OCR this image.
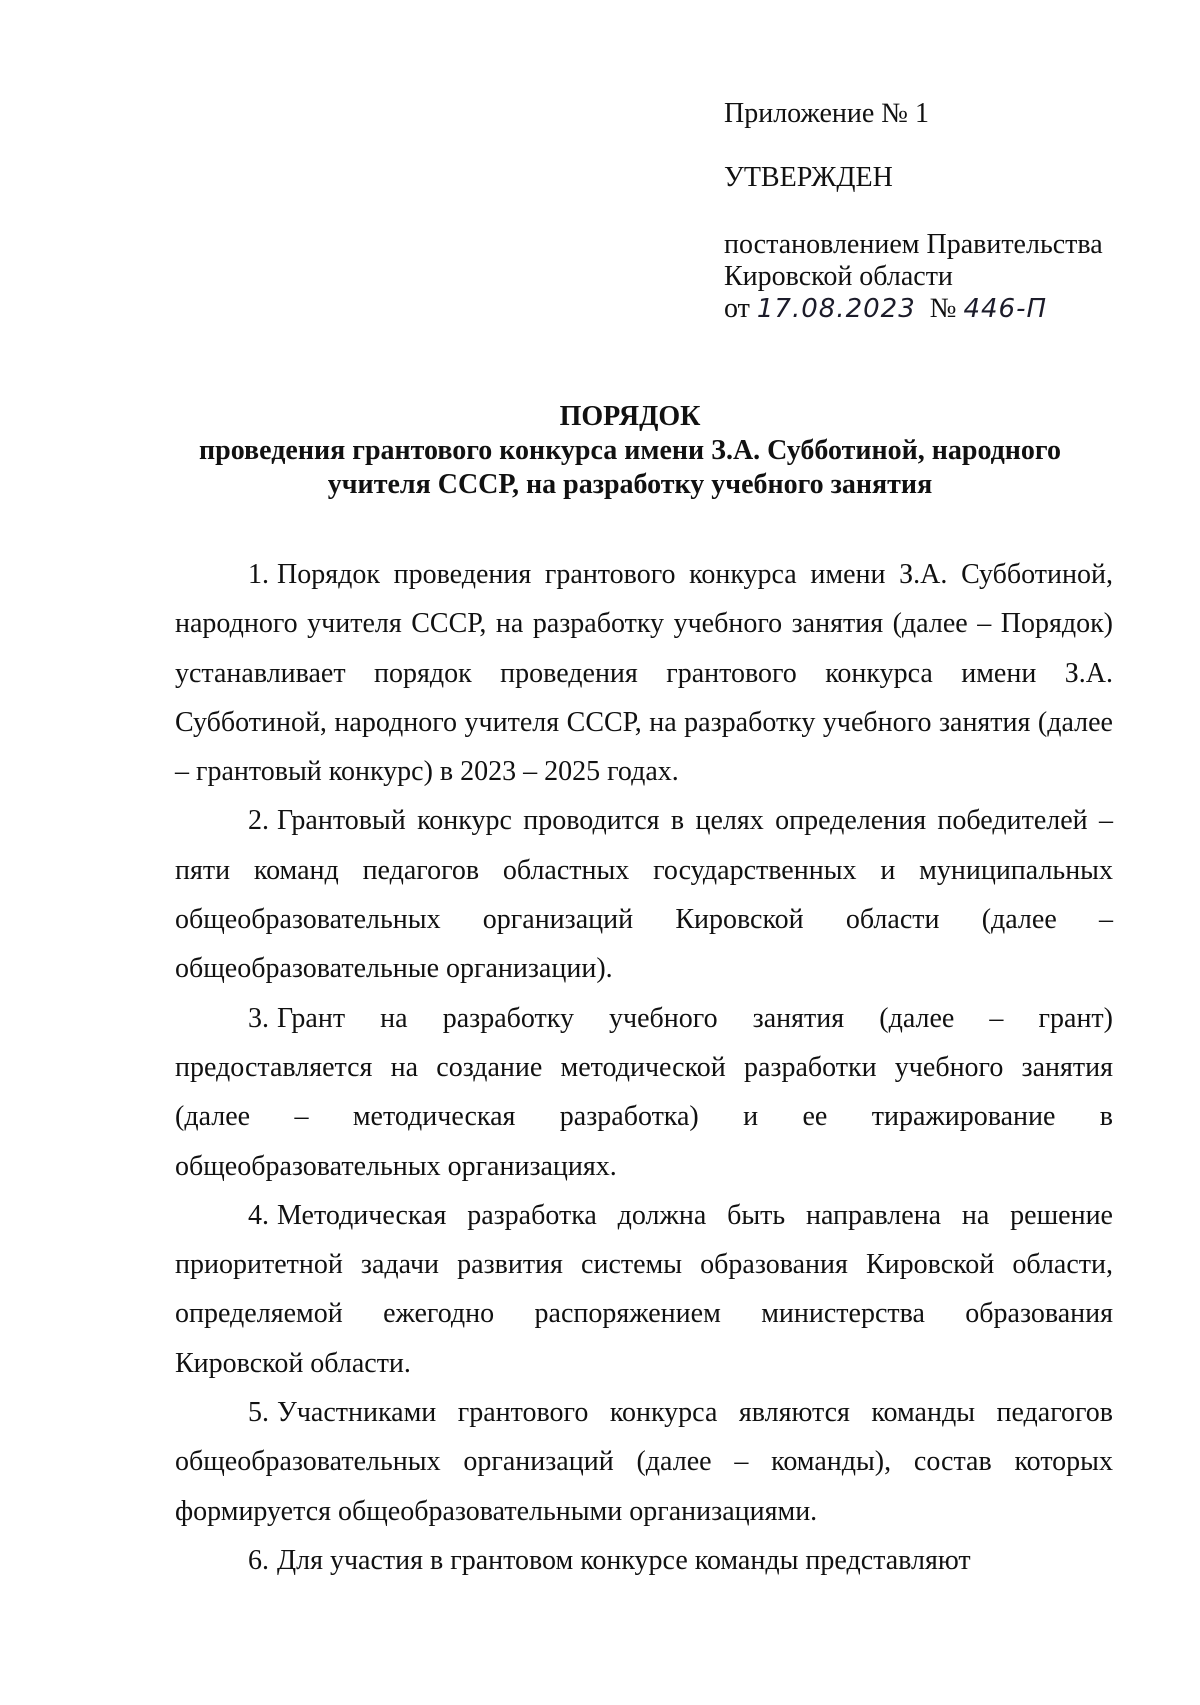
Приложение № 1
УТВЕРЖДЕН
постановлением Правительства
Кировской области
от 17.08.2023 № 446-П
ПОРЯДОК
проведения грантового конкурса имени З.А. Субботиной, народного
учителя СССР, на разработку учебного занятия

1. Порядок проведения грантового конкурса имени З.А. Субботиной, народного учителя СССР, на разработку учебного занятия (далее – Порядок) устанавливает порядок проведения грантового конкурса имени З.А. Субботиной, народного учителя СССР, на разработку учебного занятия (далее – грантовый конкурс) в 2023 – 2025 годах.

2. Грантовый конкурс проводится в целях определения победителей – пяти команд педагогов областных государственных и муниципальных общеобразовательных организаций Кировской области (далее – общеобразовательные организации).

3. Грант на разработку учебного занятия (далее – грант) предоставляется на создание методической разработки учебного занятия (далее – методическая разработка) и ее тиражирование в общеобразовательных организациях.

4. Методическая разработка должна быть направлена на решение приоритетной задачи развития системы образования Кировской области, определяемой ежегодно распоряжением министерства образования Кировской области.

5. Участниками грантового конкурса являются команды педагогов общеобразовательных организаций (далее – команды), состав которых формируется общеобразовательными организациями.

6. Для участия в грантовом конкурсе команды представляют
